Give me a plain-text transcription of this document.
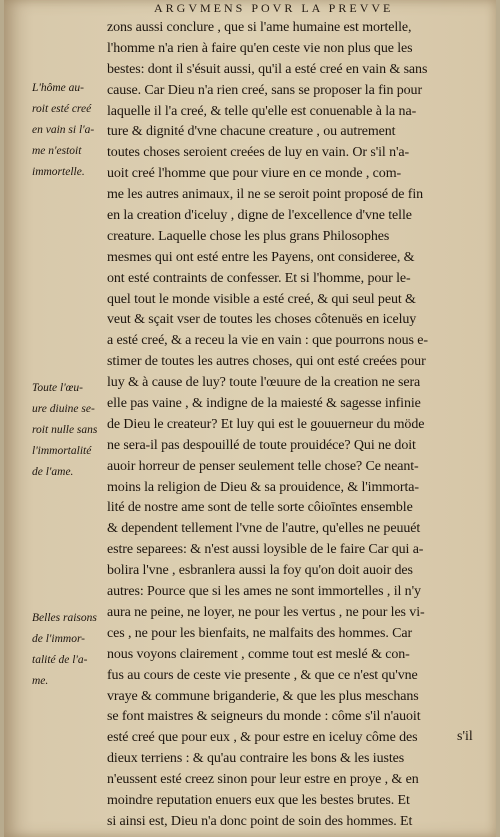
ARGVMENS POVR LA PREVVE
L'hôme au-
roit esté creé
en vain si l'a-
me n'estoit
immortelle.
Toute l'œu-
ure diuine se-
roit nulle sans
l'immortalité
de l'ame.
Belles raisons
de l'immor-
talité de l'a-
me.
zons aussi conclure , que si l'ame humaine est mortelle,
l'homme n'a rien à faire qu'en ceste vie non plus que les
bestes: dont il s'ésuit aussi, qu'il a esté creé en vain & sans
cause. Car Dieu n'a rien creé, sans se proposer la fin pour
laquelle il l'a creé, & telle qu'elle est conuenable à la na-
ture & dignité d'vne chacune creature , ou autrement
toutes choses seroient creées de luy en vain. Or s'il n'a-
uoit creé l'homme que pour viure en ce monde , com-
me les autres animaux, il ne se seroit point proposé de fin
en la creation d'iceluy , digne de l'excellence d'vne telle
creature. Laquelle chose les plus grans Philosophes
mesmes qui ont esté entre les Payens, ont consideree, &
ont esté contraints de confesser. Et si l'homme, pour le-
quel tout le monde visible a esté creé, & qui seul peut &
veut & sçait vser de toutes les choses côtenuës en iceluy
a esté creé, & a receu la vie en vain : que pourrons nous e-
stimer de toutes les autres choses, qui ont esté creées pour
luy & à cause de luy? toute l'œuure de la creation ne sera
elle pas vaine , & indigne de la maiesté & sagesse infinie
de Dieu le createur? Et luy qui est le gouuerneur du möde
ne sera-il pas despouillé de toute prouidéce? Qui ne doit
auoir horreur de penser seulement telle chose? Ce neant-
moins la religion de Dieu & sa prouidence, & l'immorta-
lité de nostre ame sont de telle sorte côioīntes ensemble
& dependent tellement l'vne de l'autre, qu'elles ne peuuét
estre separees: & n'est aussi loysible de le faire Car qui a-
bolira l'vne , esbranlera aussi la foy qu'on doit auoir des
autres: Pource que si les ames ne sont immortelles , il n'y
aura ne peine, ne loyer, ne pour les vertus , ne pour les vi-
ces , ne pour les bienfaits, ne malfaits des hommes. Car
nous voyons clairement , comme tout est meslé & con-
fus au cours de ceste vie presente , & que ce n'est qu'vne
vraye & commune briganderie, & que les plus meschans
se font maistres & seigneurs du monde : côme s'il n'auoit
esté creé que pour eux , & pour estre en iceluy côme des
dieux terriens : & qu'au contraire les bons & les iustes
n'eussent esté creez sinon pour leur estre en proye , & en
moindre reputation enuers eux que les bestes brutes. Et
si ainsi est, Dieu n'a donc point de soin des hommes. Et
s'il
